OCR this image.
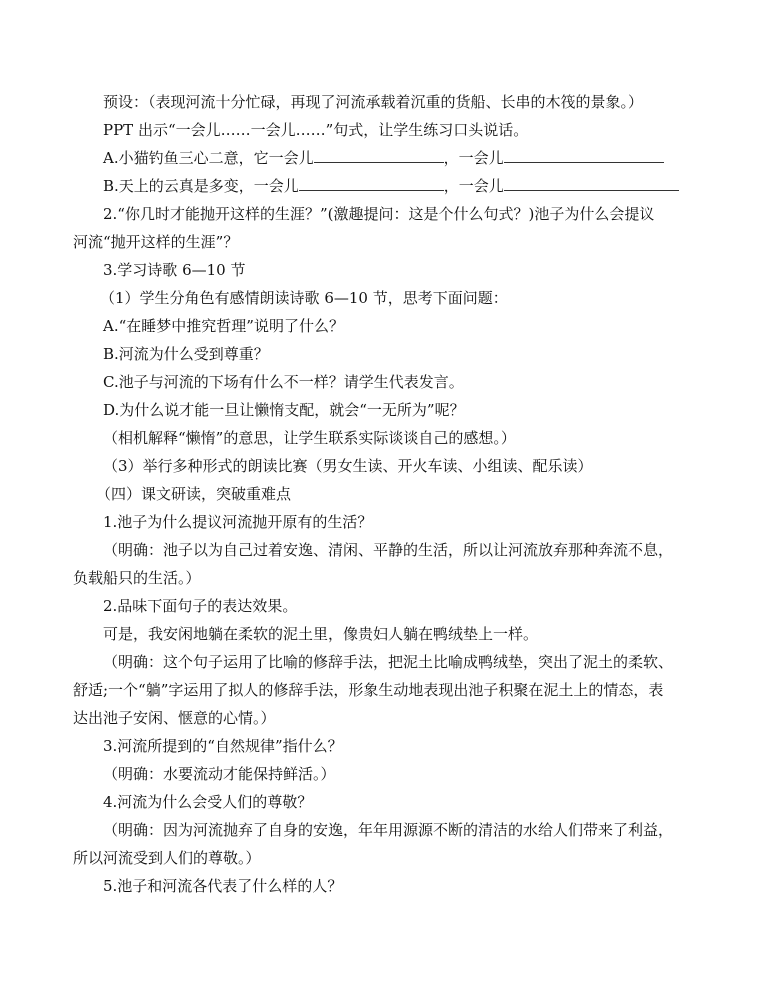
预设：（表现河流十分忙碌，再现了河流承载着沉重的货船、长串的木筏的景象。）
PPT 出示“一会儿……一会儿……”句式，让学生练习口头说话。
A.小猫钓鱼三心二意，它一会儿	，一会儿
B.天上的云真是多变，一会儿	，一会儿
2.“你几时才能抛开这样的生涯？”(激趣提问：这是个什么句式？)池子为什么会提议
河流“抛开这样的生涯”？
3.学习诗歌 6—10 节
（1）学生分角色有感情朗读诗歌 6—10 节，思考下面问题：
A.“在睡梦中推究哲理”说明了什么？
B.河流为什么受到尊重？
C.池子与河流的下场有什么不一样？请学生代表发言。
D.为什么说才能一旦让懒惰支配，就会“一无所为”呢？
（相机解释“懒惰”的意思，让学生联系实际谈谈自己的感想。）
（3）举行多种形式的朗读比赛（男女生读、开火车读、小组读、配乐读）
（四）课文研读，突破重难点
1.池子为什么提议河流抛开原有的生活？
（明确：池子以为自己过着安逸、清闲、平静的生活，所以让河流放弃那种奔流不息，
负载船只的生活。）
2.品味下面句子的表达效果。
可是，我安闲地躺在柔软的泥土里，像贵妇人躺在鸭绒垫上一样。
（明确：这个句子运用了比喻的修辞手法，把泥土比喻成鸭绒垫，突出了泥土的柔软、
舒适;一个“躺”字运用了拟人的修辞手法，形象生动地表现出池子积聚在泥土上的情态，表
达出池子安闲、惬意的心情。）
3.河流所提到的“自然规律”指什么？
（明确：水要流动才能保持鲜活。）
4.河流为什么会受人们的尊敬？
（明确：因为河流抛弃了自身的安逸，年年用源源不断的清洁的水给人们带来了利益，
所以河流受到人们的尊敬。）
5.池子和河流各代表了什么样的人？
